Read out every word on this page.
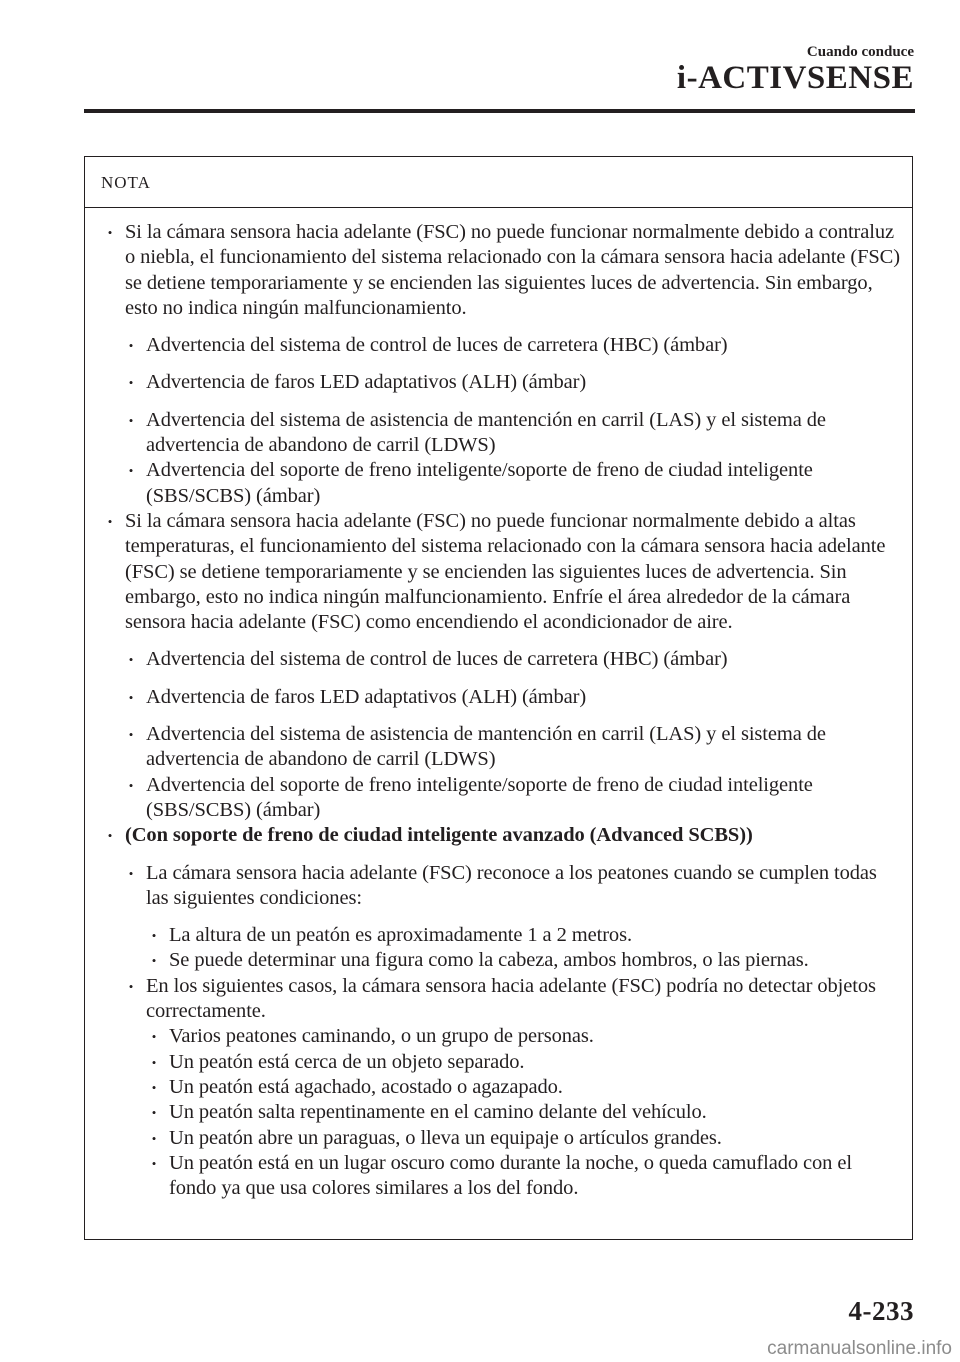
Cuando conduce
i-ACTIVSENSE
NOTA
• Si la cámara sensora hacia adelante (FSC) no puede funcionar normalmente debido a contraluz o niebla, el funcionamiento del sistema relacionado con la cámara sensora hacia adelante (FSC) se detiene temporariamente y se encienden las siguientes luces de advertencia. Sin embargo, esto no indica ningún malfuncionamiento.
• Advertencia del sistema de control de luces de carretera (HBC) (ámbar)
• Advertencia de faros LED adaptativos (ALH) (ámbar)
• Advertencia del sistema de asistencia de mantención en carril (LAS) y el sistema de advertencia de abandono de carril (LDWS)
• Advertencia del soporte de freno inteligente/soporte de freno de ciudad inteligente (SBS/SCBS) (ámbar)
• Si la cámara sensora hacia adelante (FSC) no puede funcionar normalmente debido a altas temperaturas, el funcionamiento del sistema relacionado con la cámara sensora hacia adelante (FSC) se detiene temporariamente y se encienden las siguientes luces de advertencia. Sin embargo, esto no indica ningún malfuncionamiento. Enfríe el área alrededor de la cámara sensora hacia adelante (FSC) como encendiendo el acondicionador de aire.
• Advertencia del sistema de control de luces de carretera (HBC) (ámbar)
• Advertencia de faros LED adaptativos (ALH) (ámbar)
• Advertencia del sistema de asistencia de mantención en carril (LAS) y el sistema de advertencia de abandono de carril (LDWS)
• Advertencia del soporte de freno inteligente/soporte de freno de ciudad inteligente (SBS/SCBS) (ámbar)
• (Con soporte de freno de ciudad inteligente avanzado (Advanced SCBS))
• La cámara sensora hacia adelante (FSC) reconoce a los peatones cuando se cumplen todas las siguientes condiciones:
• La altura de un peatón es aproximadamente 1 a 2 metros.
• Se puede determinar una figura como la cabeza, ambos hombros, o las piernas.
• En los siguientes casos, la cámara sensora hacia adelante (FSC) podría no detectar objetos correctamente.
• Varios peatones caminando, o un grupo de personas.
• Un peatón está cerca de un objeto separado.
• Un peatón está agachado, acostado o agazapado.
• Un peatón salta repentinamente en el camino delante del vehículo.
• Un peatón abre un paraguas, o lleva un equipaje o artículos grandes.
• Un peatón está en un lugar oscuro como durante la noche, o queda camuflado con el fondo ya que usa colores similares a los del fondo.
4-233
carmanualsonline.info
